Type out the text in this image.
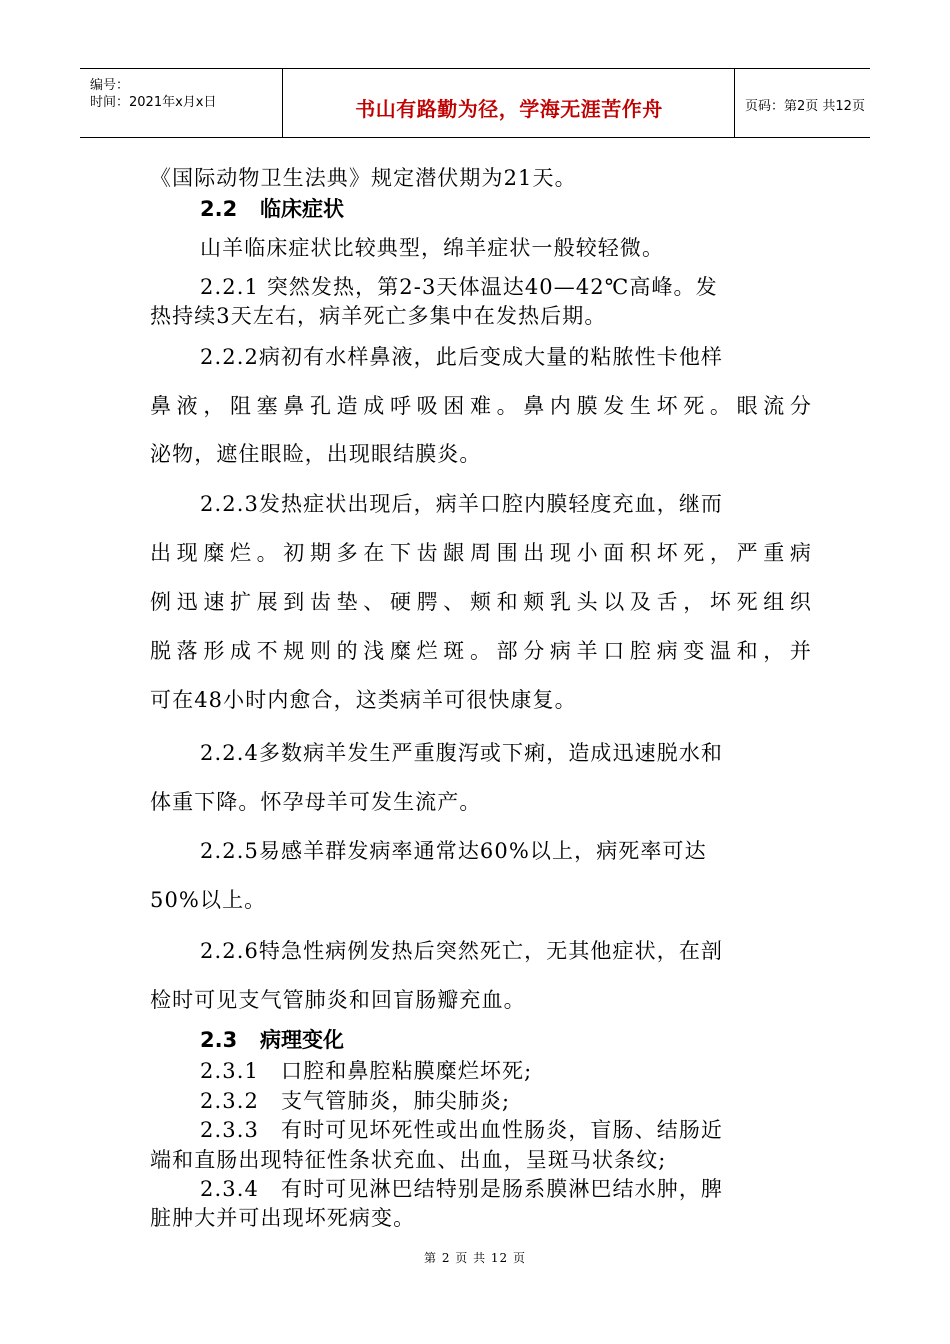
编号：
时间：2021年x月x日	书山有路勤为径，学海无涯苦作舟	页码：第2页 共12页
《国际动物卫生法典》规定潜伏期为21天。
2.2 临床症状
山羊临床症状比较典型，绵羊症状一般较轻微。
2.2.1 突然发热，第2-3天体温达40—42℃高峰。发
热持续3天左右，病羊死亡多集中在发热后期。
2.2.2病初有水样鼻液，此后变成大量的粘脓性卡他样
鼻液，阻塞鼻孔造成呼吸困难。鼻内膜发生坏死。眼流分
泌物，遮住眼睑，出现眼结膜炎。
2.2.3发热症状出现后，病羊口腔内膜轻度充血，继而
出现糜烂。初期多在下齿龈周围出现小面积坏死，严重病
例迅速扩展到齿垫、硬腭、颊和颊乳头以及舌，坏死组织
脱落形成不规则的浅糜烂斑。部分病羊口腔病变温和，并
可在48小时内愈合，这类病羊可很快康复。
2.2.4多数病羊发生严重腹泻或下痢，造成迅速脱水和
体重下降。怀孕母羊可发生流产。
2.2.5易感羊群发病率通常达60%以上，病死率可达
50%以上。
2.2.6特急性病例发热后突然死亡，无其他症状，在剖
检时可见支气管肺炎和回盲肠瓣充血。
2.3 病理变化
2.3.1　口腔和鼻腔粘膜糜烂坏死;
2.3.2　支气管肺炎，肺尖肺炎;
2.3.3　有时可见坏死性或出血性肠炎，盲肠、结肠近
端和直肠出现特征性条状充血、出血，呈斑马状条纹;
2.3.4　有时可见淋巴结特别是肠系膜淋巴结水肿，脾
脏肿大并可出现坏死病变。
第 2 页 共 12 页
